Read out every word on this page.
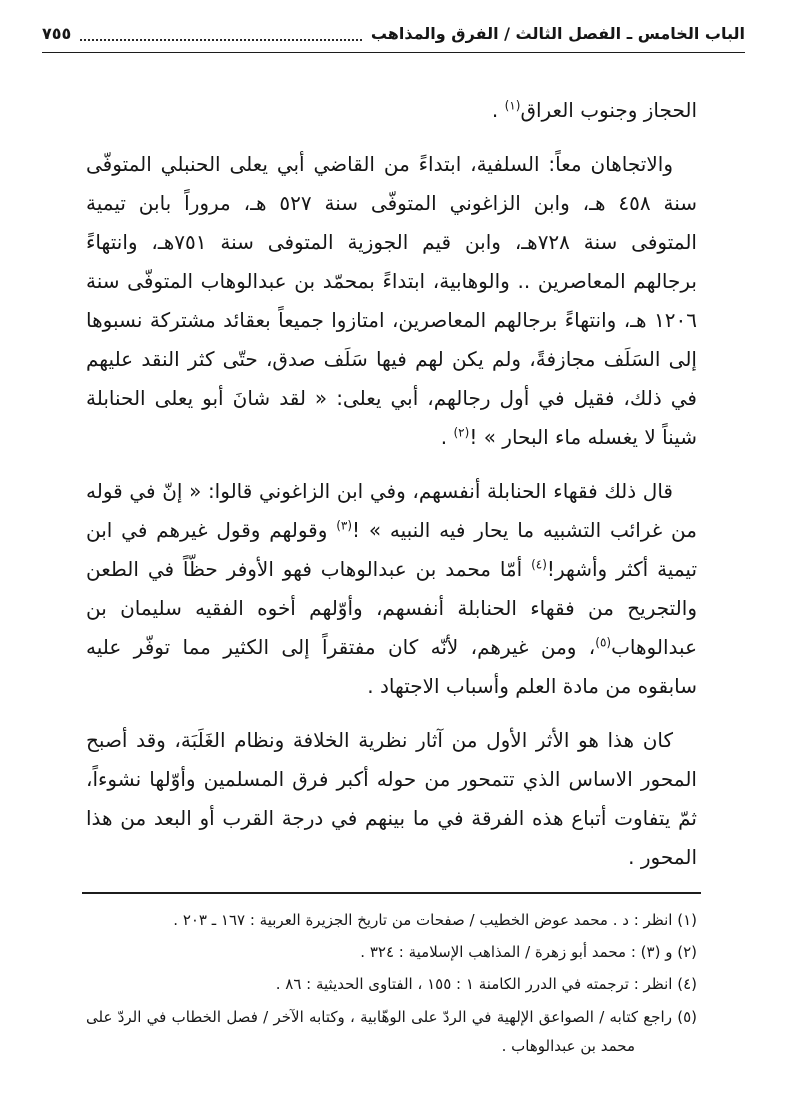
الباب الخامس ـ الفصل الثالث / الفرق والمذاهب
٧٥٥

الحجاز وجنوب العراق$^{(١)}$ .

والاتجاهان معاً: السلفية، ابتداءً من القاضي أبي يعلى الحنبلي المتوفّى سنة ٤٥٨ هـ، وابن الزاغوني المتوفّى سنة ٥٢٧ هـ، مروراً بابن تيمية المتوفى سنة ٧٢٨هـ، وابن قيم الجوزية المتوفى سنة ٧٥١هـ، وانتهاءً برجالهم المعاصرين .. والوهابية، ابتداءً بمحمّد بن عبدالوهاب المتوفّى سنة ١٢٠٦ هـ، وانتهاءً برجالهم المعاصرين، امتازوا جميعاً بعقائد مشتركة نسبوها إلى السَلَف مجازفةً، ولم يكن لهم فيها سَلَف صدق، حتّى كثر النقد عليهم في ذلك، فقيل في أول رجالهم، أبي يعلى: « لقد شانَ أبو يعلى الحنابلة شيناً لا يغسله ماء البحار » !$^{(٢)}$ .

قال ذلك فقهاء الحنابلة أنفسهم، وفي ابن الزاغوني قالوا: « إنّ في قوله من غرائب التشبيه ما يحار فيه النبيه » !$^{(٣)}$ وقولهم وقول غيرهم في ابن تيمية أكثر وأشهر!$^{(٤)}$ أمّا محمد بن عبدالوهاب فهو الأوفر حظّاً في الطعن والتجريح من فقهاء الحنابلة أنفسهم، وأوّلهم أخوه الفقيه سليمان بن عبدالوهاب$^{(٥)}$، ومن غيرهم، لأنّه كان مفتقراً إلى الكثير مما توفّر عليه سابقوه من مادة العلم وأسباب الاجتهاد .

كان هذا هو الأثر الأول من آثار نظرية الخلافة ونظام الغَلَبَة، وقد أصبح المحور الاساس الذي تتمحور من حوله أكبر فرق المسلمين وأوّلها نشوءاً، ثمّ يتفاوت أتباع هذه الفرقة في ما بينهم في درجة القرب أو البعد من هذا المحور .

(١) انظر : د . محمد عوض الخطيب / صفحات من تاريخ الجزيرة العربية : ١٦٧ ـ ٢٠٣ .

(٢) و (٣) : محمد أبو زهرة / المذاهب الإسلامية : ٣٢٤ .

(٤) انظر : ترجمته في الدرر الكامنة ١ : ١٥٥ ، الفتاوى الحديثية : ٨٦ .

(٥) راجع كتابه / الصواعق الإلهية في الردّ على الوهّابية ، وكتابه الآخر / فصل الخطاب في الردّ على محمد بن عبدالوهاب .
